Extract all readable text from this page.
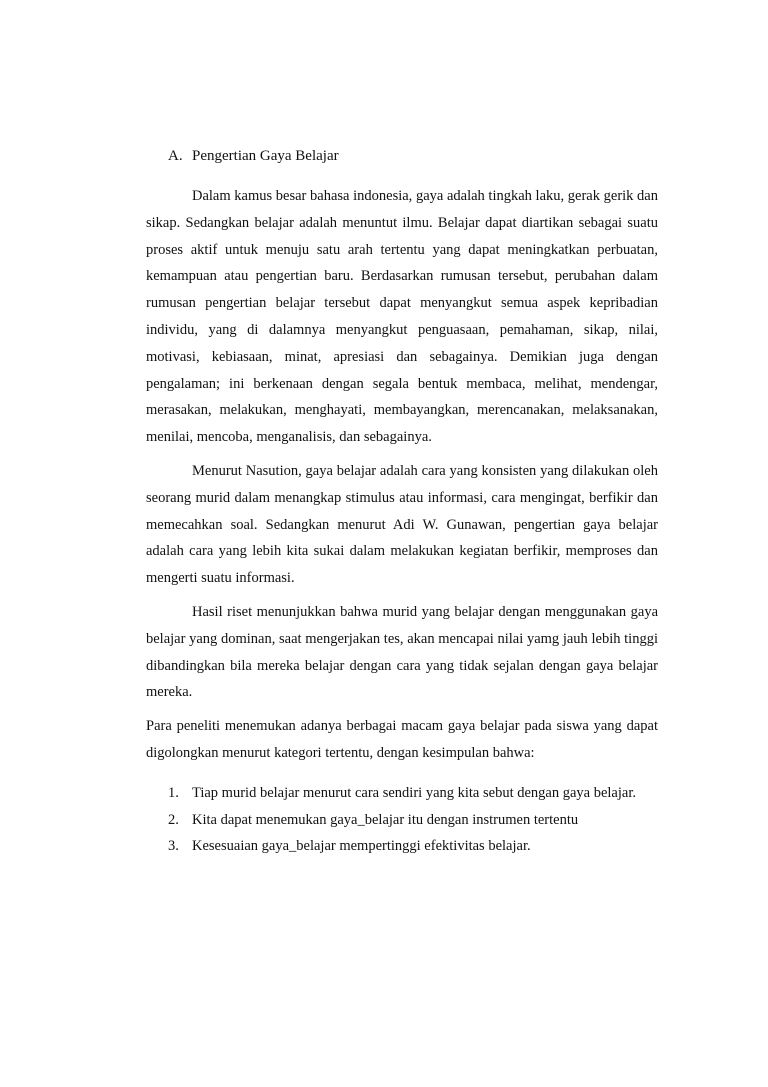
A. Pengertian Gaya Belajar

Dalam kamus besar bahasa indonesia, gaya adalah tingkah laku, gerak gerik dan sikap. Sedangkan belajar adalah menuntut ilmu. Belajar dapat diartikan sebagai suatu proses aktif untuk menuju satu arah tertentu yang dapat meningkatkan perbuatan, kemampuan atau pengertian baru. Berdasarkan rumusan tersebut, perubahan dalam rumusan pengertian belajar tersebut dapat menyangkut semua aspek kepribadian individu, yang di dalamnya menyangkut penguasaan, pemahaman, sikap, nilai, motivasi, kebiasaan, minat, apresiasi dan sebagainya. Demikian juga dengan pengalaman; ini berkenaan dengan segala bentuk membaca, melihat, mendengar, merasakan, melakukan, menghayati, membayangkan, merencanakan, melaksanakan, menilai, mencoba, menganalisis, dan sebagainya.

Menurut Nasution, gaya belajar adalah cara yang konsisten yang dilakukan oleh seorang murid dalam menangkap stimulus atau informasi, cara mengingat, berfikir dan memecahkan soal. Sedangkan menurut Adi W. Gunawan, pengertian gaya belajar adalah cara yang lebih kita sukai dalam melakukan kegiatan berfikir, memproses dan mengerti suatu informasi.

Hasil riset menunjukkan bahwa murid yang belajar dengan menggunakan gaya belajar yang dominan, saat mengerjakan tes, akan mencapai nilai yamg jauh lebih tinggi dibandingkan bila mereka belajar dengan cara yang tidak sejalan dengan gaya belajar mereka.

Para peneliti menemukan adanya berbagai macam gaya belajar pada siswa yang dapat digolongkan menurut kategori tertentu, dengan kesimpulan bahwa:

1. Tiap murid belajar menurut cara sendiri yang kita sebut dengan gaya belajar.
2. Kita dapat menemukan gaya_belajar itu dengan instrumen tertentu
3. Kesesuaian gaya_belajar mempertinggi efektivitas belajar.
